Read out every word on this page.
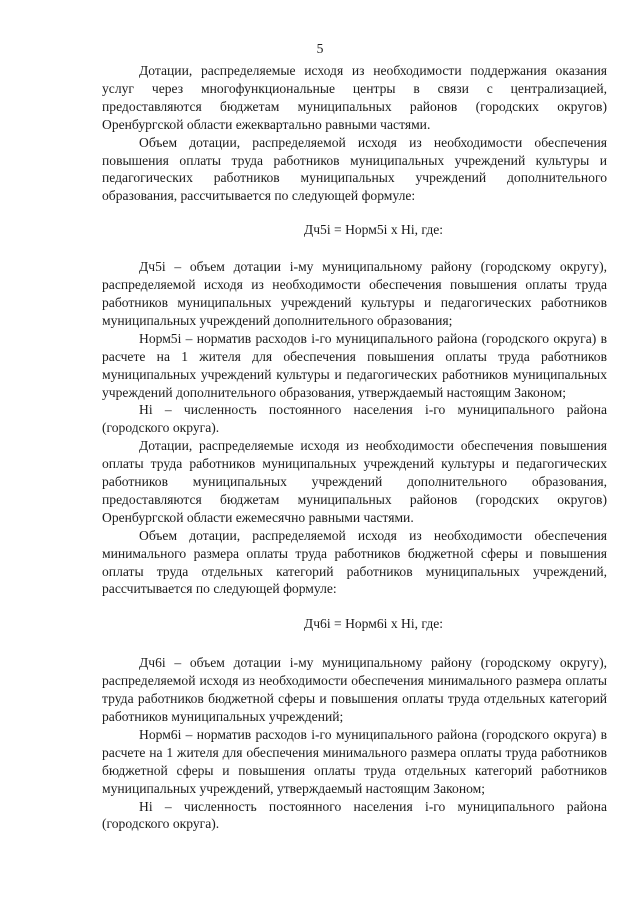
5

Дотации, распределяемые исходя из необходимости поддержания оказания услуг через многофункциональные центры в связи с централизацией, предоставляются бюджетам муниципальных районов (городских округов) Оренбургской области ежеквартально равными частями.

Объем дотации, распределяемой исходя из необходимости обеспечения повышения оплаты труда работников муниципальных учреждений культуры и педагогических работников муниципальных учреждений дополнительного образования, рассчитывается по следующей формуле:

Дч5i = Норм5i x Hi, где:

Дч5i – объем дотации i-му муниципальному району (городскому округу), распределяемой исходя из необходимости обеспечения повышения оплаты труда работников муниципальных учреждений культуры и педагогических работников муниципальных учреждений дополнительного образования;

Норм5i – норматив расходов i-го муниципального района (городского округа) в расчете на 1 жителя для обеспечения повышения оплаты труда работников муниципальных учреждений культуры и педагогических работников муниципальных учреждений дополнительного образования, утверждаемый настоящим Законом;

Hi – численность постоянного населения i-го муниципального района (городского округа).

Дотации, распределяемые исходя из необходимости обеспечения повышения оплаты труда работников муниципальных учреждений культуры и педагогических работников муниципальных учреждений дополнительного образования, предоставляются бюджетам муниципальных районов (городских округов) Оренбургской области ежемесячно равными частями.

Объем дотации, распределяемой исходя из необходимости обеспечения минимального размера оплаты труда работников бюджетной сферы и повышения оплаты труда отдельных категорий работников муниципальных учреждений, рассчитывается по следующей формуле:

Дч6i = Норм6i x Hi, где:

Дч6i – объем дотации i-му муниципальному району (городскому округу), распределяемой исходя из необходимости обеспечения минимального размера оплаты труда работников бюджетной сферы и повышения оплаты труда отдельных категорий работников муниципальных учреждений;

Норм6i – норматив расходов i-го муниципального района (городского округа) в расчете на 1 жителя для обеспечения минимального размера оплаты труда работников бюджетной сферы и повышения оплаты труда отдельных категорий работников муниципальных учреждений, утверждаемый настоящим Законом;

Hi – численность постоянного населения i-го муниципального района (городского округа).
